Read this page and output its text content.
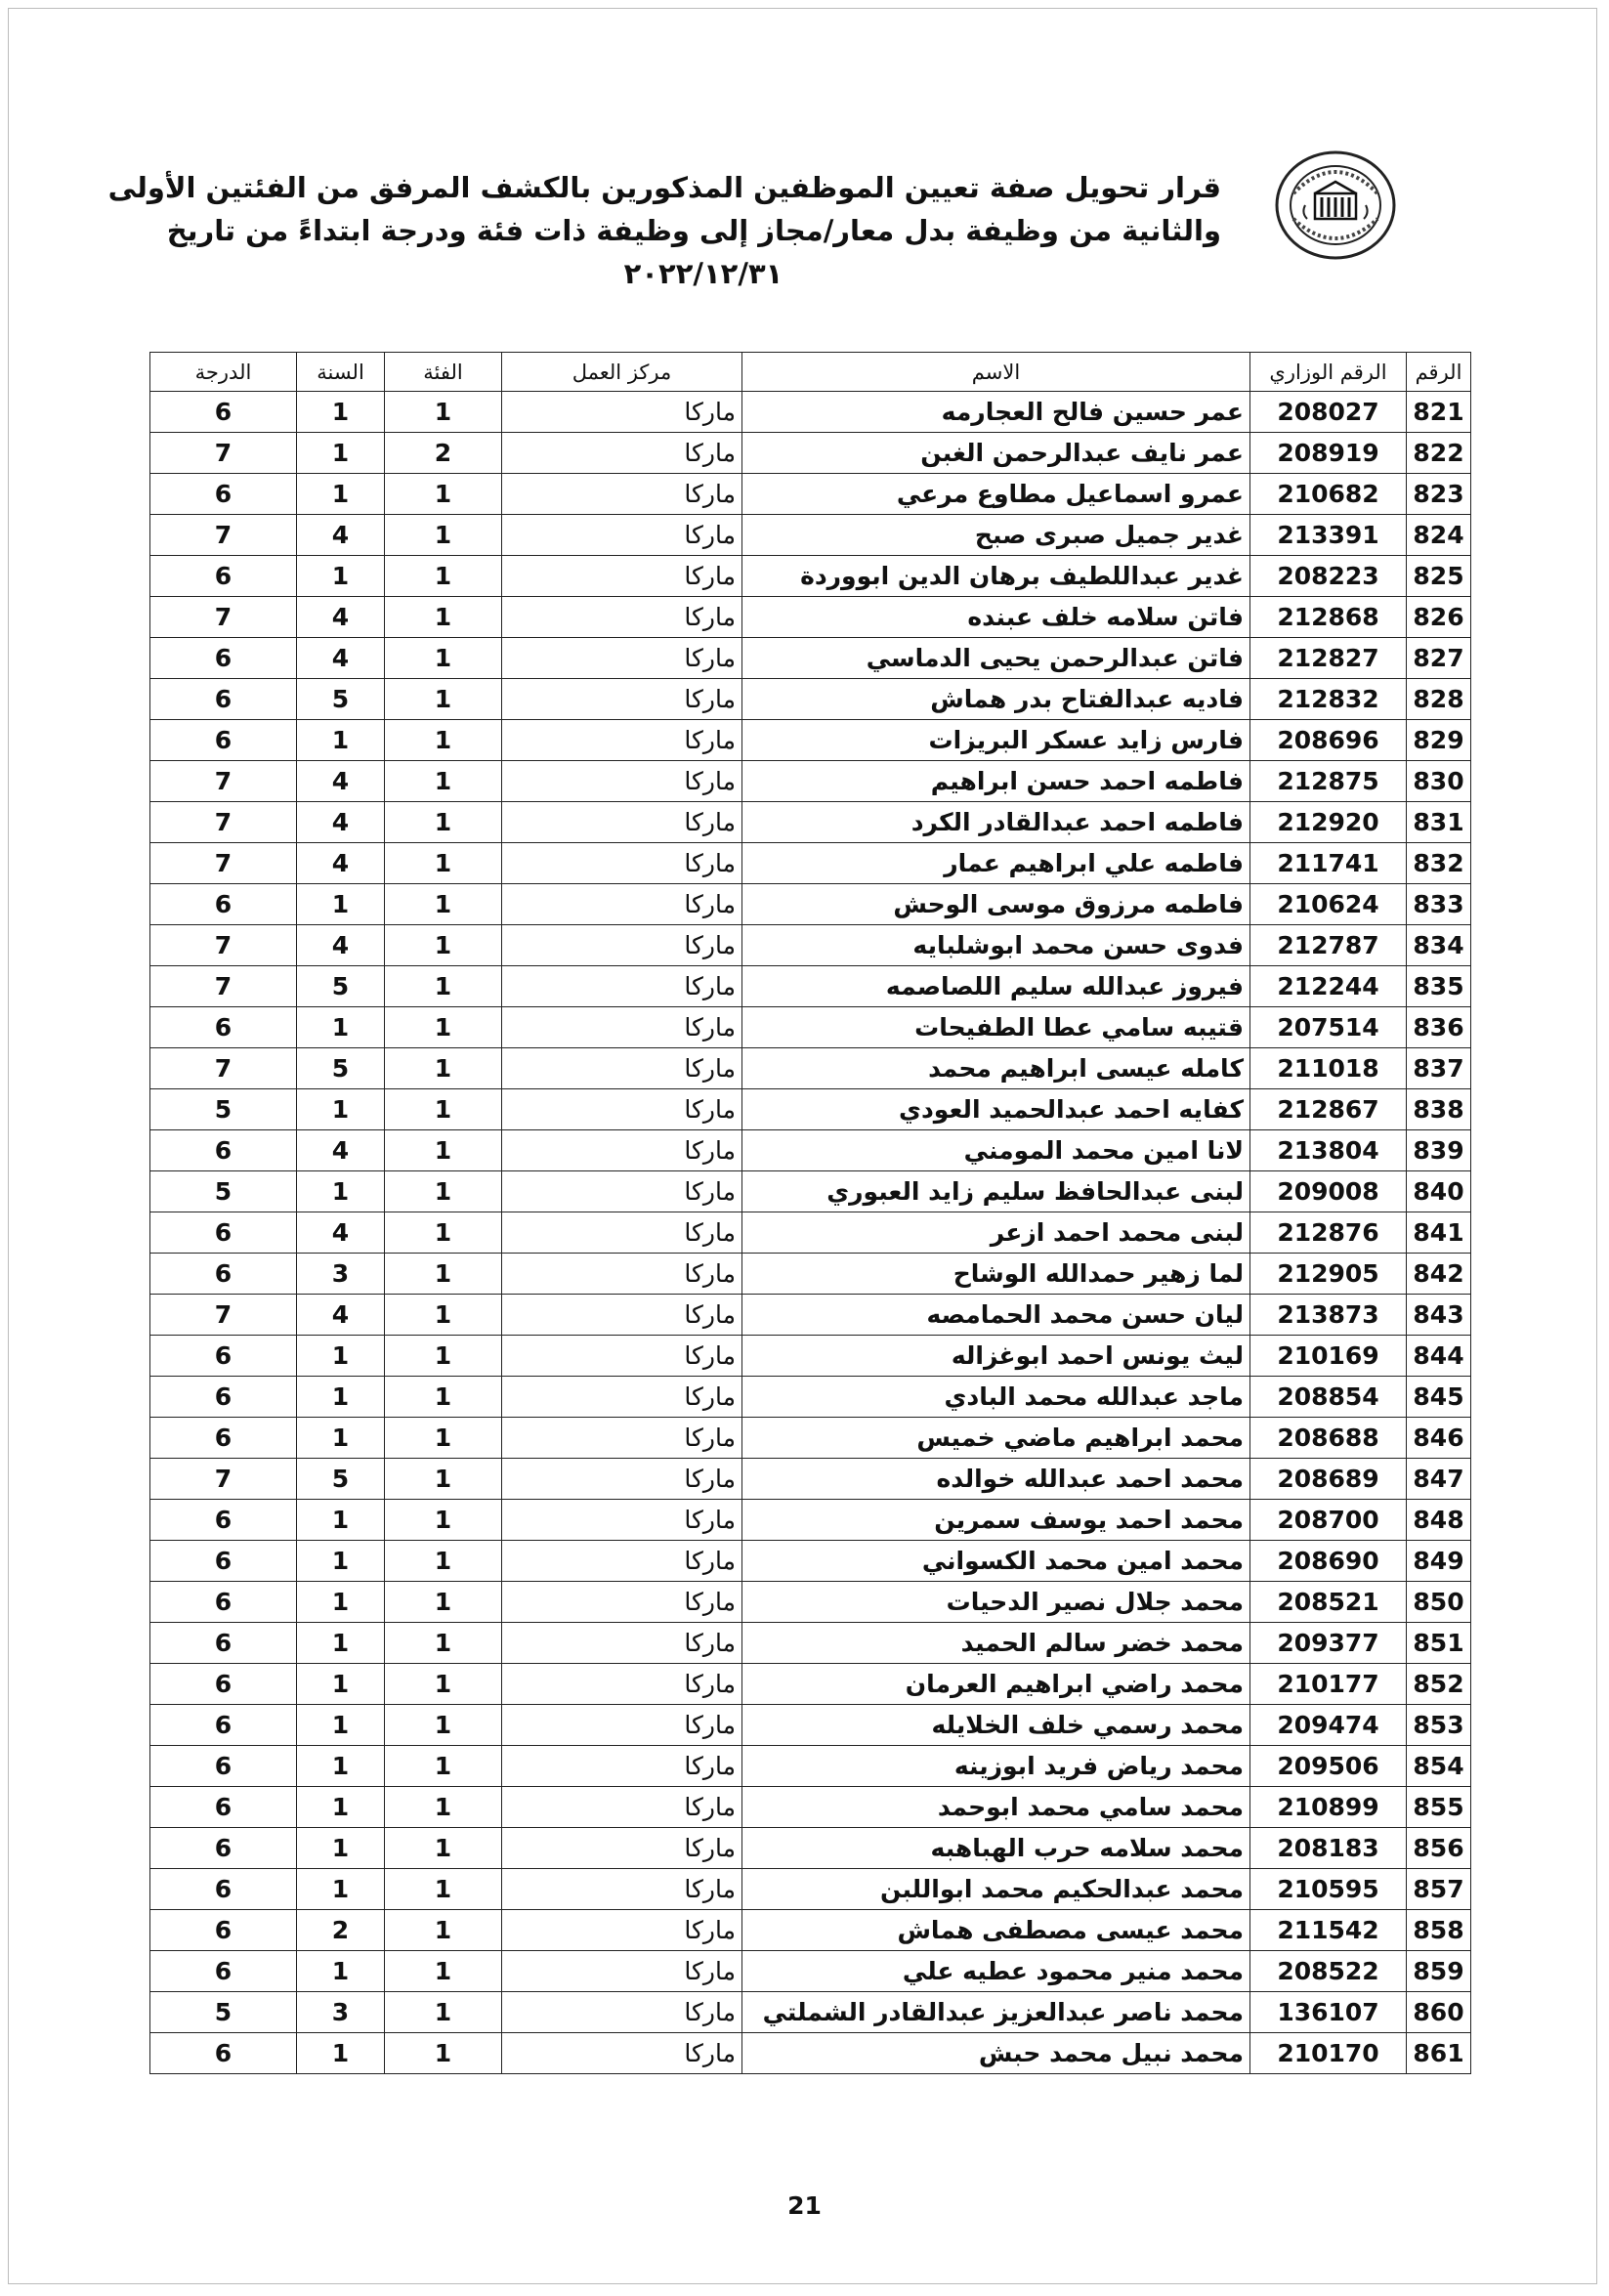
قرار تحويل صفة تعيين الموظفين المذكورين بالكشف المرفق من الفئتين الأولى
والثانية من وظيفة بدل معار/مجاز إلى وظيفة ذات فئة ودرجة ابتداءً من تاريخ
٢٠٢٢/١٢/٣١
الرقم	الرقم الوزاري	الاسم	مركز العمل	الفئة	السنة	الدرجة
821	208027	عمر حسين فالح العجارمه	ماركا	1	1	6
822	208919	عمر نايف عبدالرحمن الغبن	ماركا	2	1	7
823	210682	عمرو اسماعيل مطاوع مرعي	ماركا	1	1	6
824	213391	غدير جميل صبرى صبح	ماركا	1	4	7
825	208223	غدير عبداللطيف برهان الدين ابووردة	ماركا	1	1	6
826	212868	فاتن سلامه خلف عبنده	ماركا	1	4	7
827	212827	فاتن عبدالرحمن يحيى الدماسي	ماركا	1	4	6
828	212832	فاديه عبدالفتاح بدر هماش	ماركا	1	5	6
829	208696	فارس زايد عسكر البريزات	ماركا	1	1	6
830	212875	فاطمه احمد حسن ابراهيم	ماركا	1	4	7
831	212920	فاطمه احمد عبدالقادر الكرد	ماركا	1	4	7
832	211741	فاطمه علي ابراهيم عمار	ماركا	1	4	7
833	210624	فاطمه مرزوق موسى الوحش	ماركا	1	1	6
834	212787	فدوى حسن محمد ابوشلبايه	ماركا	1	4	7
835	212244	فيروز عبدالله سليم اللصاصمه	ماركا	1	5	7
836	207514	قتيبه سامي عطا الطفيحات	ماركا	1	1	6
837	211018	كامله عيسى ابراهيم محمد	ماركا	1	5	7
838	212867	كفايه احمد عبدالحميد العودي	ماركا	1	1	5
839	213804	لانا امين محمد المومني	ماركا	1	4	6
840	209008	لبنى عبدالحافظ سليم زايد العبوري	ماركا	1	1	5
841	212876	لبنى محمد احمد ازعر	ماركا	1	4	6
842	212905	لما زهير حمدالله الوشاح	ماركا	1	3	6
843	213873	ليان حسن محمد الحمامصه	ماركا	1	4	7
844	210169	ليث يونس احمد ابوغزاله	ماركا	1	1	6
845	208854	ماجد عبدالله محمد البادي	ماركا	1	1	6
846	208688	محمد ابراهيم ماضي خميس	ماركا	1	1	6
847	208689	محمد احمد عبدالله خوالده	ماركا	1	5	7
848	208700	محمد احمد يوسف سمرين	ماركا	1	1	6
849	208690	محمد امين محمد الكسواني	ماركا	1	1	6
850	208521	محمد جلال نصير الدحيات	ماركا	1	1	6
851	209377	محمد خضر سالم الحميد	ماركا	1	1	6
852	210177	محمد راضي ابراهيم العرمان	ماركا	1	1	6
853	209474	محمد رسمي خلف الخلايله	ماركا	1	1	6
854	209506	محمد رياض فريد ابوزينه	ماركا	1	1	6
855	210899	محمد سامي محمد ابوحمد	ماركا	1	1	6
856	208183	محمد سلامه حرب الهباهبه	ماركا	1	1	6
857	210595	محمد عبدالحكيم محمد ابواللبن	ماركا	1	1	6
858	211542	محمد عيسى مصطفى هماش	ماركا	1	2	6
859	208522	محمد منير محمود عطيه علي	ماركا	1	1	6
860	136107	محمد ناصر عبدالعزيز عبدالقادر الشملتي	ماركا	1	3	5
861	210170	محمد نبيل محمد حبش	ماركا	1	1	6
21
